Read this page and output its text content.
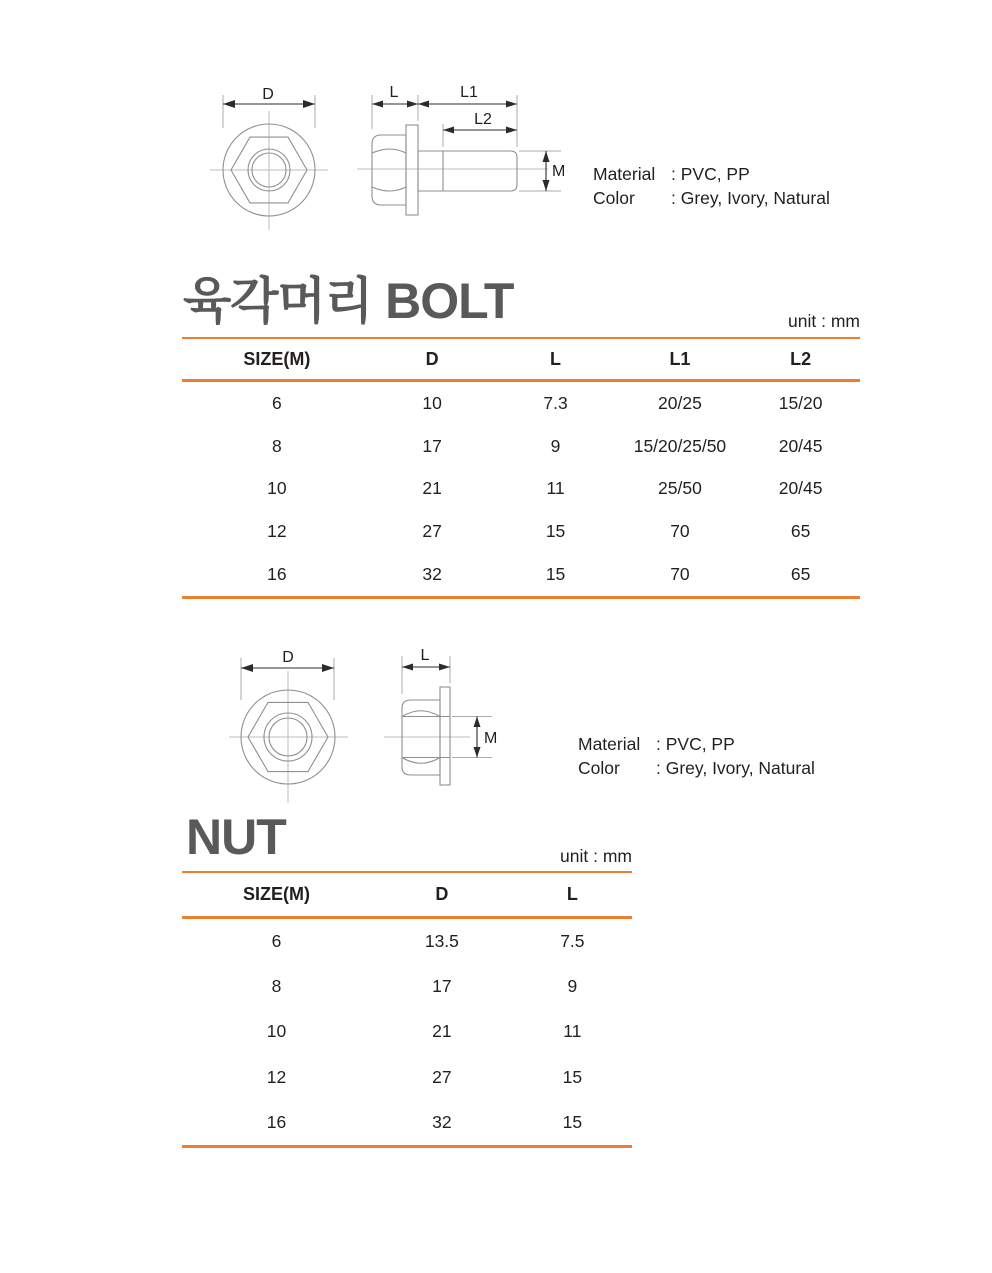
D	L	L1
L2
M Material : PVC, PP
Color	: Grey, Ivory, Natural
육각머리 BOLT	unit : mm
SIZE(M)	D	L	L1	L2
6	10	7.3	20/25	15/20
8	17	9	15/20/25/50	20/45
10	21	11	25/50	20/45
12	27	15	70	65
16	32	15	70	65
D	L
M	Material : PVC, PP
Color	: Grey, Ivory, Natural
NUT	unit : mm
SIZE(M)	D	L
6	13.5	7.5
8	17	9
10	21	11
12	27	15
16	32	15
